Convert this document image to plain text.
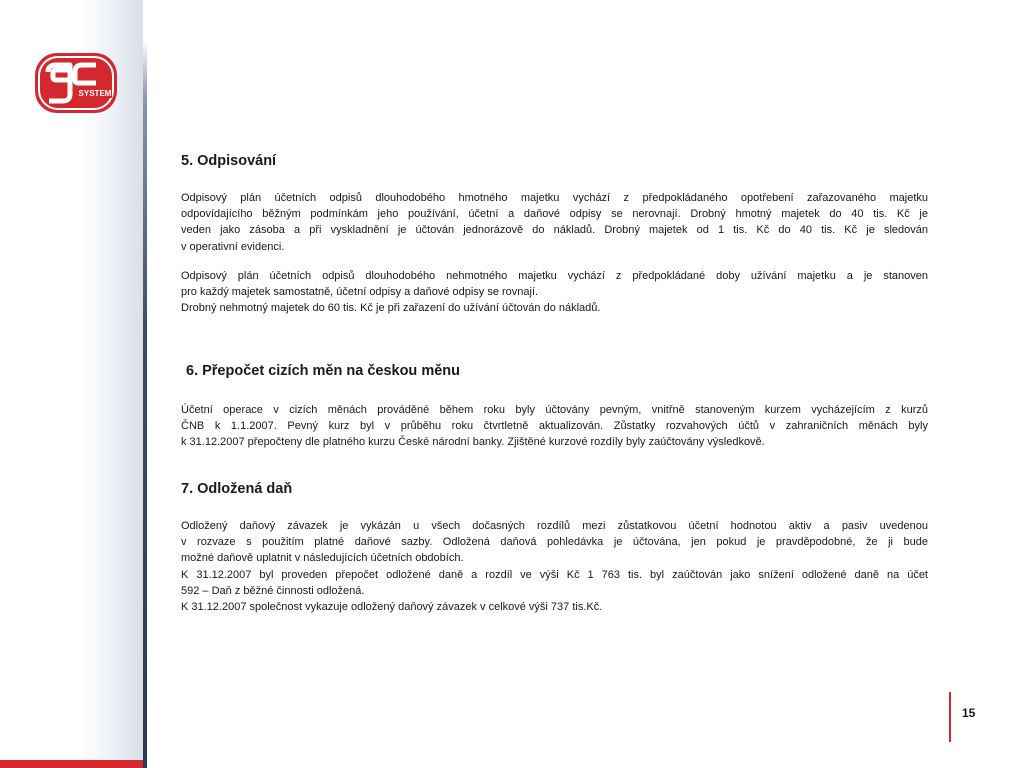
SYSTEM
5. Odpisování

Odpisový plán účetních odpisů dlouhodobého hmotného majetku vychází z předpokládaného opotřebení zařazovaného majetku
odpovídajícího běžným podmínkám jeho používání, účetní a daňové odpisy se nerovnají. Drobný hmotný majetek do 40 tis. Kč je
veden jako zásoba a při vyskladnění je účtován jednorázově do nákladů. Drobný majetek od 1 tis. Kč do 40 tis. Kč je sledován
v operativní evidenci.

Odpisový plán účetních odpisů dlouhodobého nehmotného majetku vychází z předpokládané doby užívání majetku a je stanoven
pro každý majetek samostatně, účetní odpisy a daňové odpisy se rovnají.

Drobný nehmotný majetek do 60 tis. Kč je při zařazení do užívání účtován do nákladů.

6. Přepočet cizích měn na českou měnu

Účetní operace v cizích měnách prováděné během roku byly účtovány pevným, vnitřně stanoveným kurzem vycházejícím z kurzů
ČNB k 1.1.2007. Pevný kurz byl v průběhu roku čtvrtletně aktualizován. Zůstatky rozvahových účtů v zahraničních měnách byly
k 31.12.2007 přepočteny dle platného kurzu České národní banky. Zjištěné kurzové rozdíly byly zaúčtovány výsledkově.

7. Odložená daň

Odložený daňový závazek je vykázán u všech dočasných rozdílů mezi zůstatkovou účetní hodnotou aktiv a pasiv uvedenou
v rozvaze s použitím platné daňové sazby. Odložená daňová pohledávka je účtována, jen pokud je pravděpodobné, že ji bude
možné daňově uplatnit v následujících účetních obdobích.
K 31.12.2007 byl proveden přepočet odložené daně a rozdíl ve výši Kč 1 763 tis. byl zaúčtován jako snížení odložené daně na účet
592 – Daň z běžné činnosti odložená.
K 31.12.2007 společnost vykazuje odložený daňový závazek v celkové výši 737 tis.Kč.

15
